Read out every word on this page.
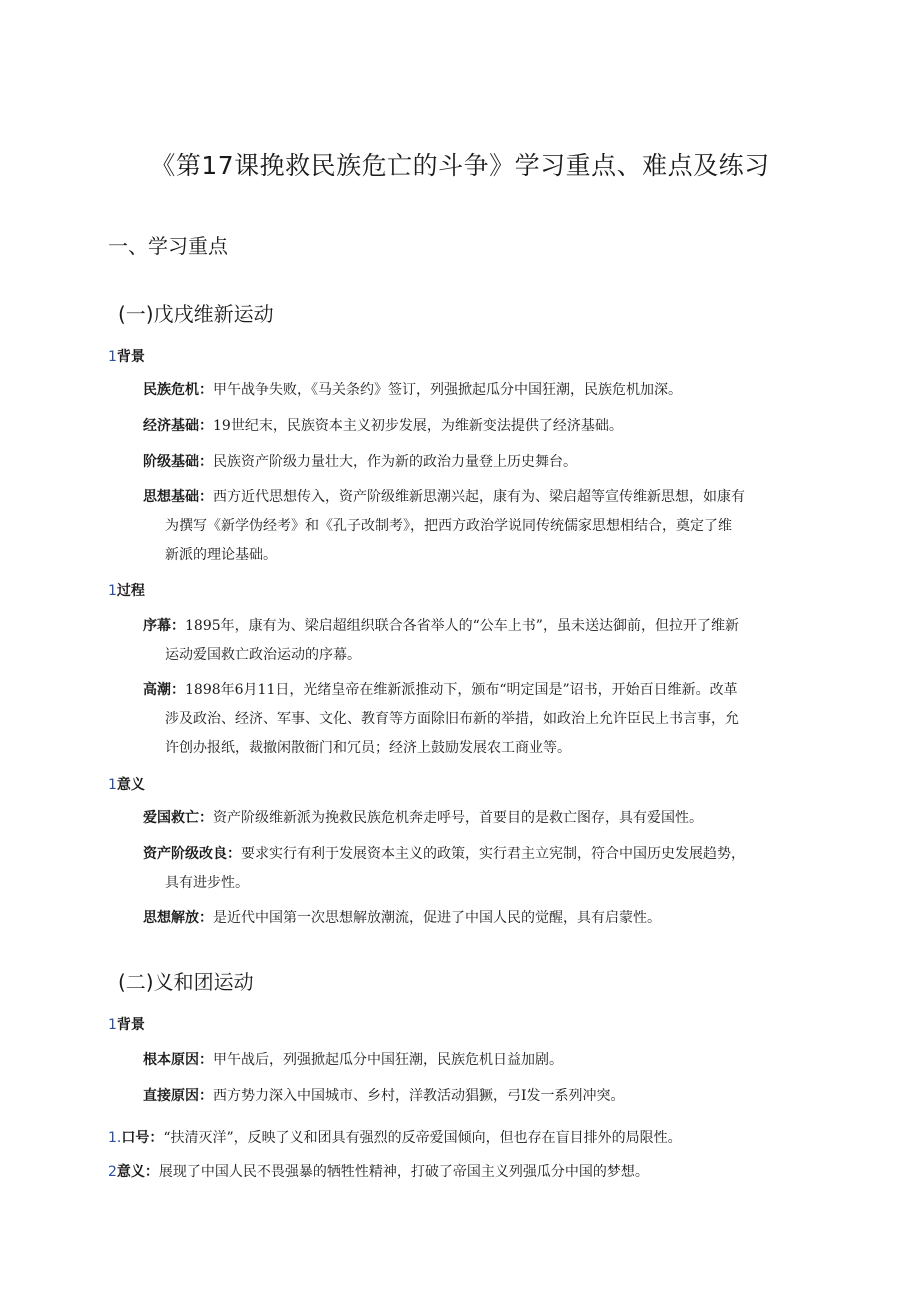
《第17课挽救民族危亡的斗争》学习重点、难点及练习
一、学习重点
(一)戊戌维新运动
1背景
民族危机：甲午战争失败，《马关条约》签订，列强掀起瓜分中国狂潮，民族危机加深。
经济基础：19世纪末，民族资本主义初步发展，为维新变法提供了经济基础。
阶级基础：民族资产阶级力量壮大，作为新的政治力量登上历史舞台。
思想基础：西方近代思想传入，资产阶级维新思潮兴起，康有为、梁启超等宣传维新思想，如康有
为撰写《新学伪经考》和《孔子改制考》，把西方政治学说同传统儒家思想相结合，奠定了维
新派的理论基础。
1过程
序幕：1895年，康有为、梁启超组织联合各省举人的“公车上书”，虽未送达御前，但拉开了维新
运动爱国救亡政治运动的序幕。
高潮：1898年6月11日，光绪皇帝在维新派推动下，颁布“明定国是”诏书，开始百日维新。改革
涉及政治、经济、军事、文化、教育等方面除旧布新的举措，如政治上允许臣民上书言事，允
许创办报纸，裁撤闲散衙门和冗员；经济上鼓励发展农工商业等。
1意义
爱国救亡：资产阶级维新派为挽救民族危机奔走呼号，首要目的是救亡图存，具有爱国性。
资产阶级改良：要求实行有利于发展资本主义的政策，实行君主立宪制，符合中国历史发展趋势，
具有进步性。
思想解放：是近代中国第一次思想解放潮流，促进了中国人民的觉醒，具有启蒙性。
(二)义和团运动
1背景
根本原因：甲午战后，列强掀起瓜分中国狂潮，民族危机日益加剧。
直接原因：西方势力深入中国城市、乡村，洋教活动猖獗，弓I发一系列冲突。
1.口号：“扶清灭洋”，反映了义和团具有强烈的反帝爱国倾向，但也存在盲目排外的局限性。
2意义：展现了中国人民不畏强暴的牺牲性精神，打破了帝国主义列强瓜分中国的梦想。
